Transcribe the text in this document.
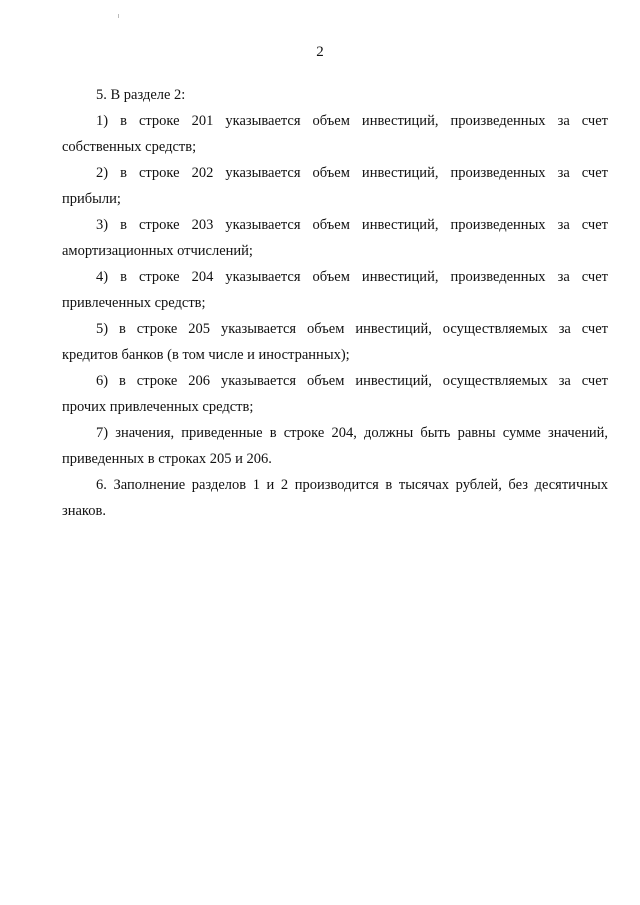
2

5. В разделе 2:

1) в строке 201 указывается объем инвестиций, произведенных за счет
собственных средств;
2) в строке 202 указывается объем инвестиций, произведенных за счет
прибыли;
3) в строке 203 указывается объем инвестиций, произведенных за счет
амортизационных отчислений;
4) в строке 204 указывается объем инвестиций, произведенных за счет
привлеченных средств;
5) в строке 205 указывается объем инвестиций, осуществляемых за счет
кредитов банков (в том числе и иностранных);
6) в строке 206 указывается объем инвестиций, осуществляемых за счет
прочих привлеченных средств;
7) значения, приведенные в строке 204, должны быть равны сумме значений,
приведенных в строках 205 и 206.
6. Заполнение разделов 1 и 2 производится в тысячах рублей, без десятичных
знаков.
